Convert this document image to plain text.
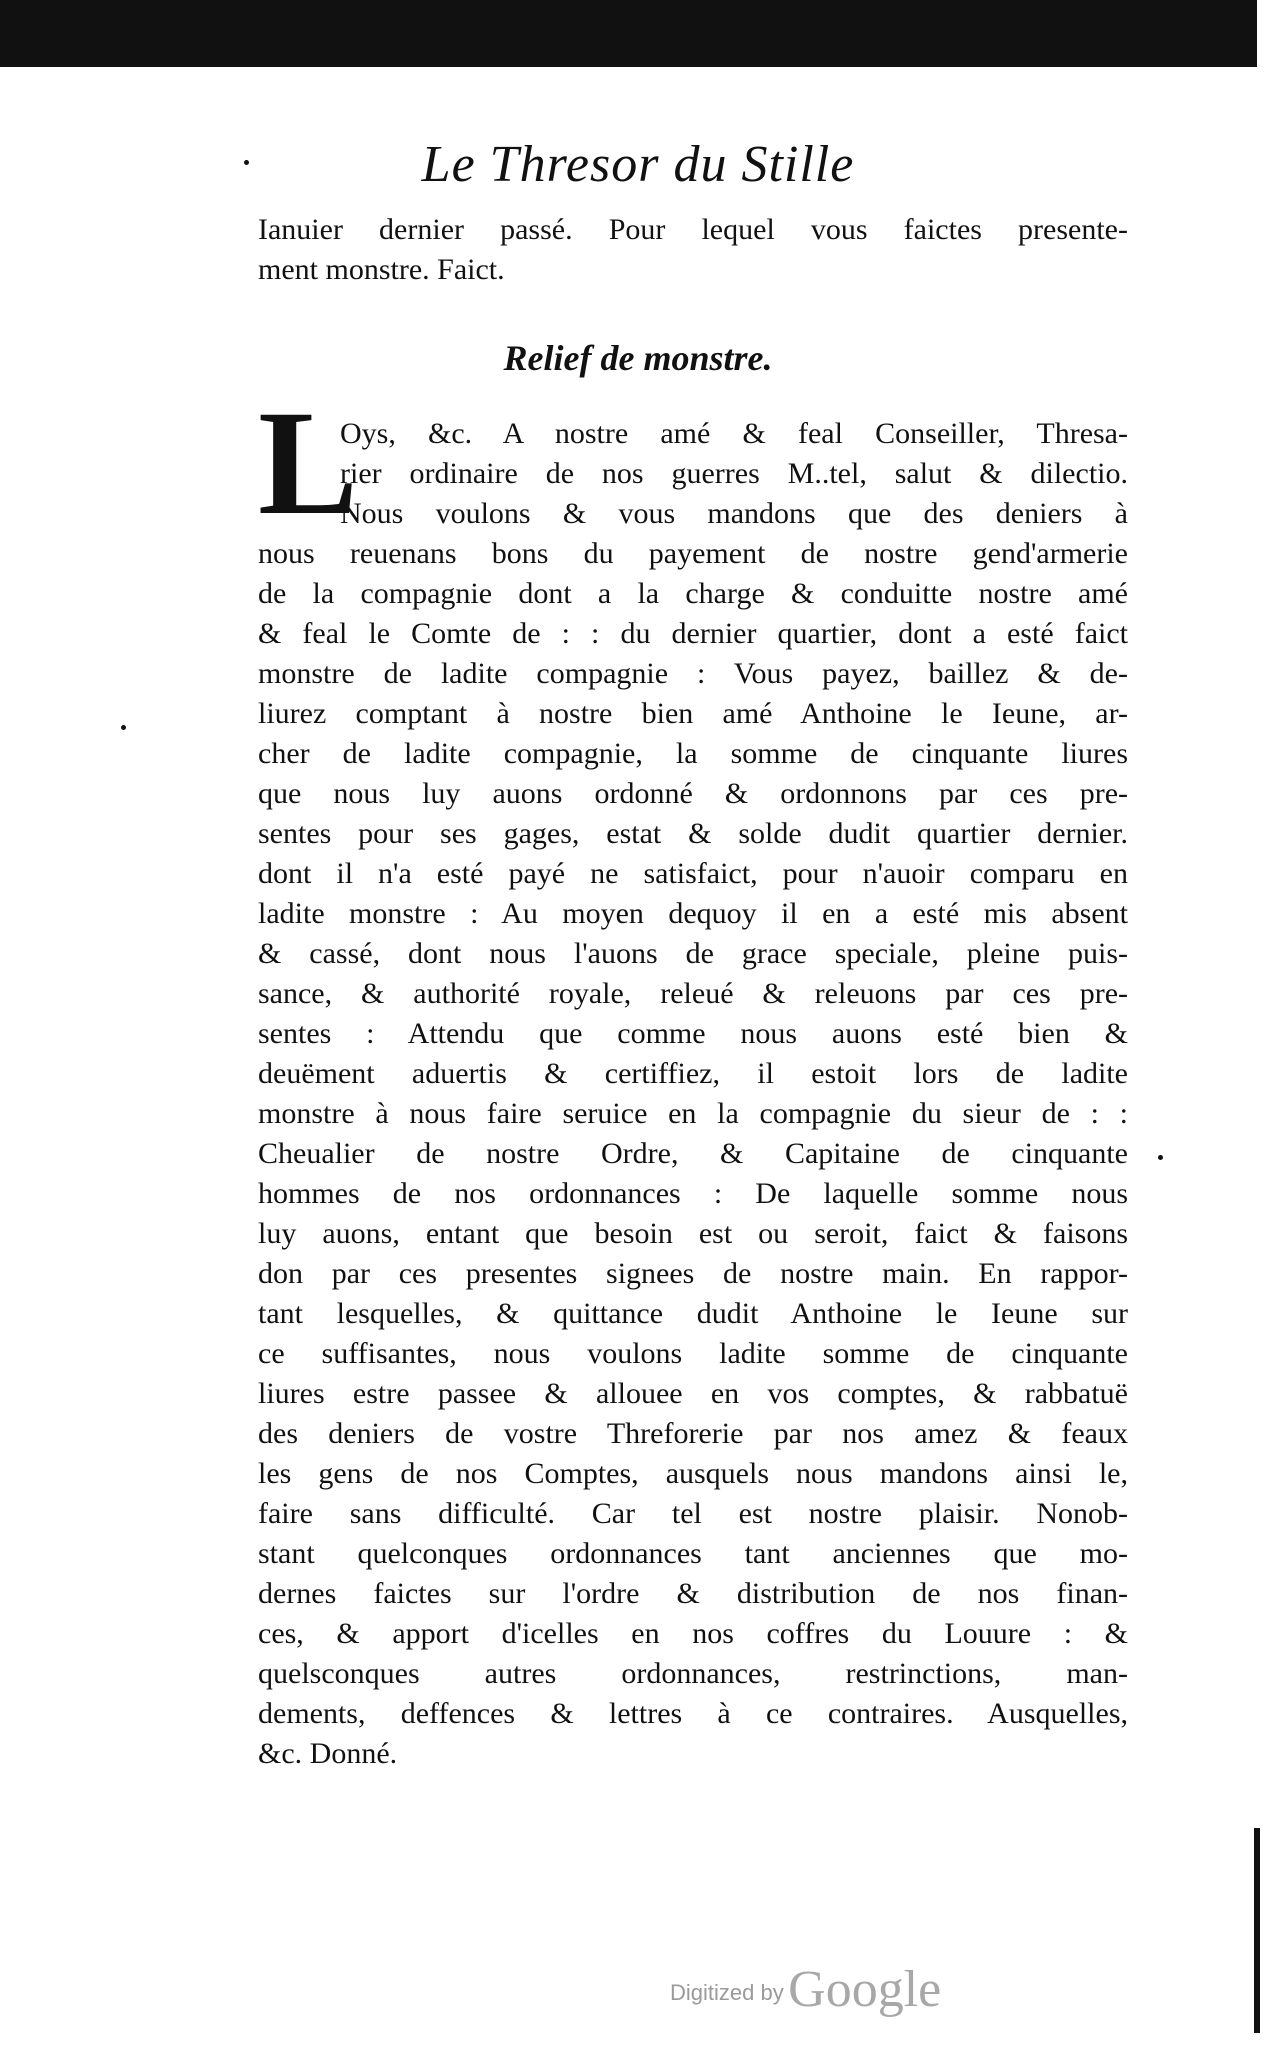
Le Thresor du Stille
Ianuier dernier passé. Pour lequel vous faictes presente-
ment monstre. Faict.
Relief de monstre.
L
Oys, &c. A nostre amé & feal Conseiller, Thresa-
rier ordinaire de nos guerres M..tel, salut & dilectio.
Nous voulons & vous mandons que des deniers à
nous reuenans bons du payement de nostre gend'armerie
de la compagnie dont a la charge & conduitte nostre amé
& feal le Comte de : : du dernier quartier, dont a esté faict
monstre de ladite compagnie : Vous payez, baillez & de-
liurez comptant à nostre bien amé Anthoine le Ieune, ar-
cher de ladite compagnie, la somme de cinquante liures
que nous luy auons ordonné & ordonnons par ces pre-
sentes pour ses gages, estat & solde dudit quartier dernier.
dont il n'a esté payé ne satisfaict, pour n'auoir comparu en
ladite monstre : Au moyen dequoy il en a esté mis absent
& cassé, dont nous l'auons de grace speciale, pleine puis-
sance, & authorité royale, releué & releuons par ces pre-
sentes : Attendu que comme nous auons esté bien &
deuëment aduertis & certiffiez, il estoit lors de ladite
monstre à nous faire seruice en la compagnie du sieur de : :
Cheualier de nostre Ordre, & Capitaine de cinquante
hommes de nos ordonnances : De laquelle somme nous
luy auons, entant que besoin est ou seroit, faict & faisons
don par ces presentes signees de nostre main. En rappor-
tant lesquelles, & quittance dudit Anthoine le Ieune sur
ce suffisantes, nous voulons ladite somme de cinquante
liures estre passee & allouee en vos comptes, & rabbatuë
des deniers de vostre Threforerie par nos amez & feaux
les gens de nos Comptes, ausquels nous mandons ainsi le,
faire sans difficulté. Car tel est nostre plaisir. Nonob-
stant quelconques ordonnances tant anciennes que mo-
dernes faictes sur l'ordre & distribution de nos finan-
ces, & apport d'icelles en nos coffres du Louure : &
quelsconques autres ordonnances, restrinctions, man-
dements, deffences & lettres à ce contraires. Ausquelles,
&c. Donné.
Digitized by Google
